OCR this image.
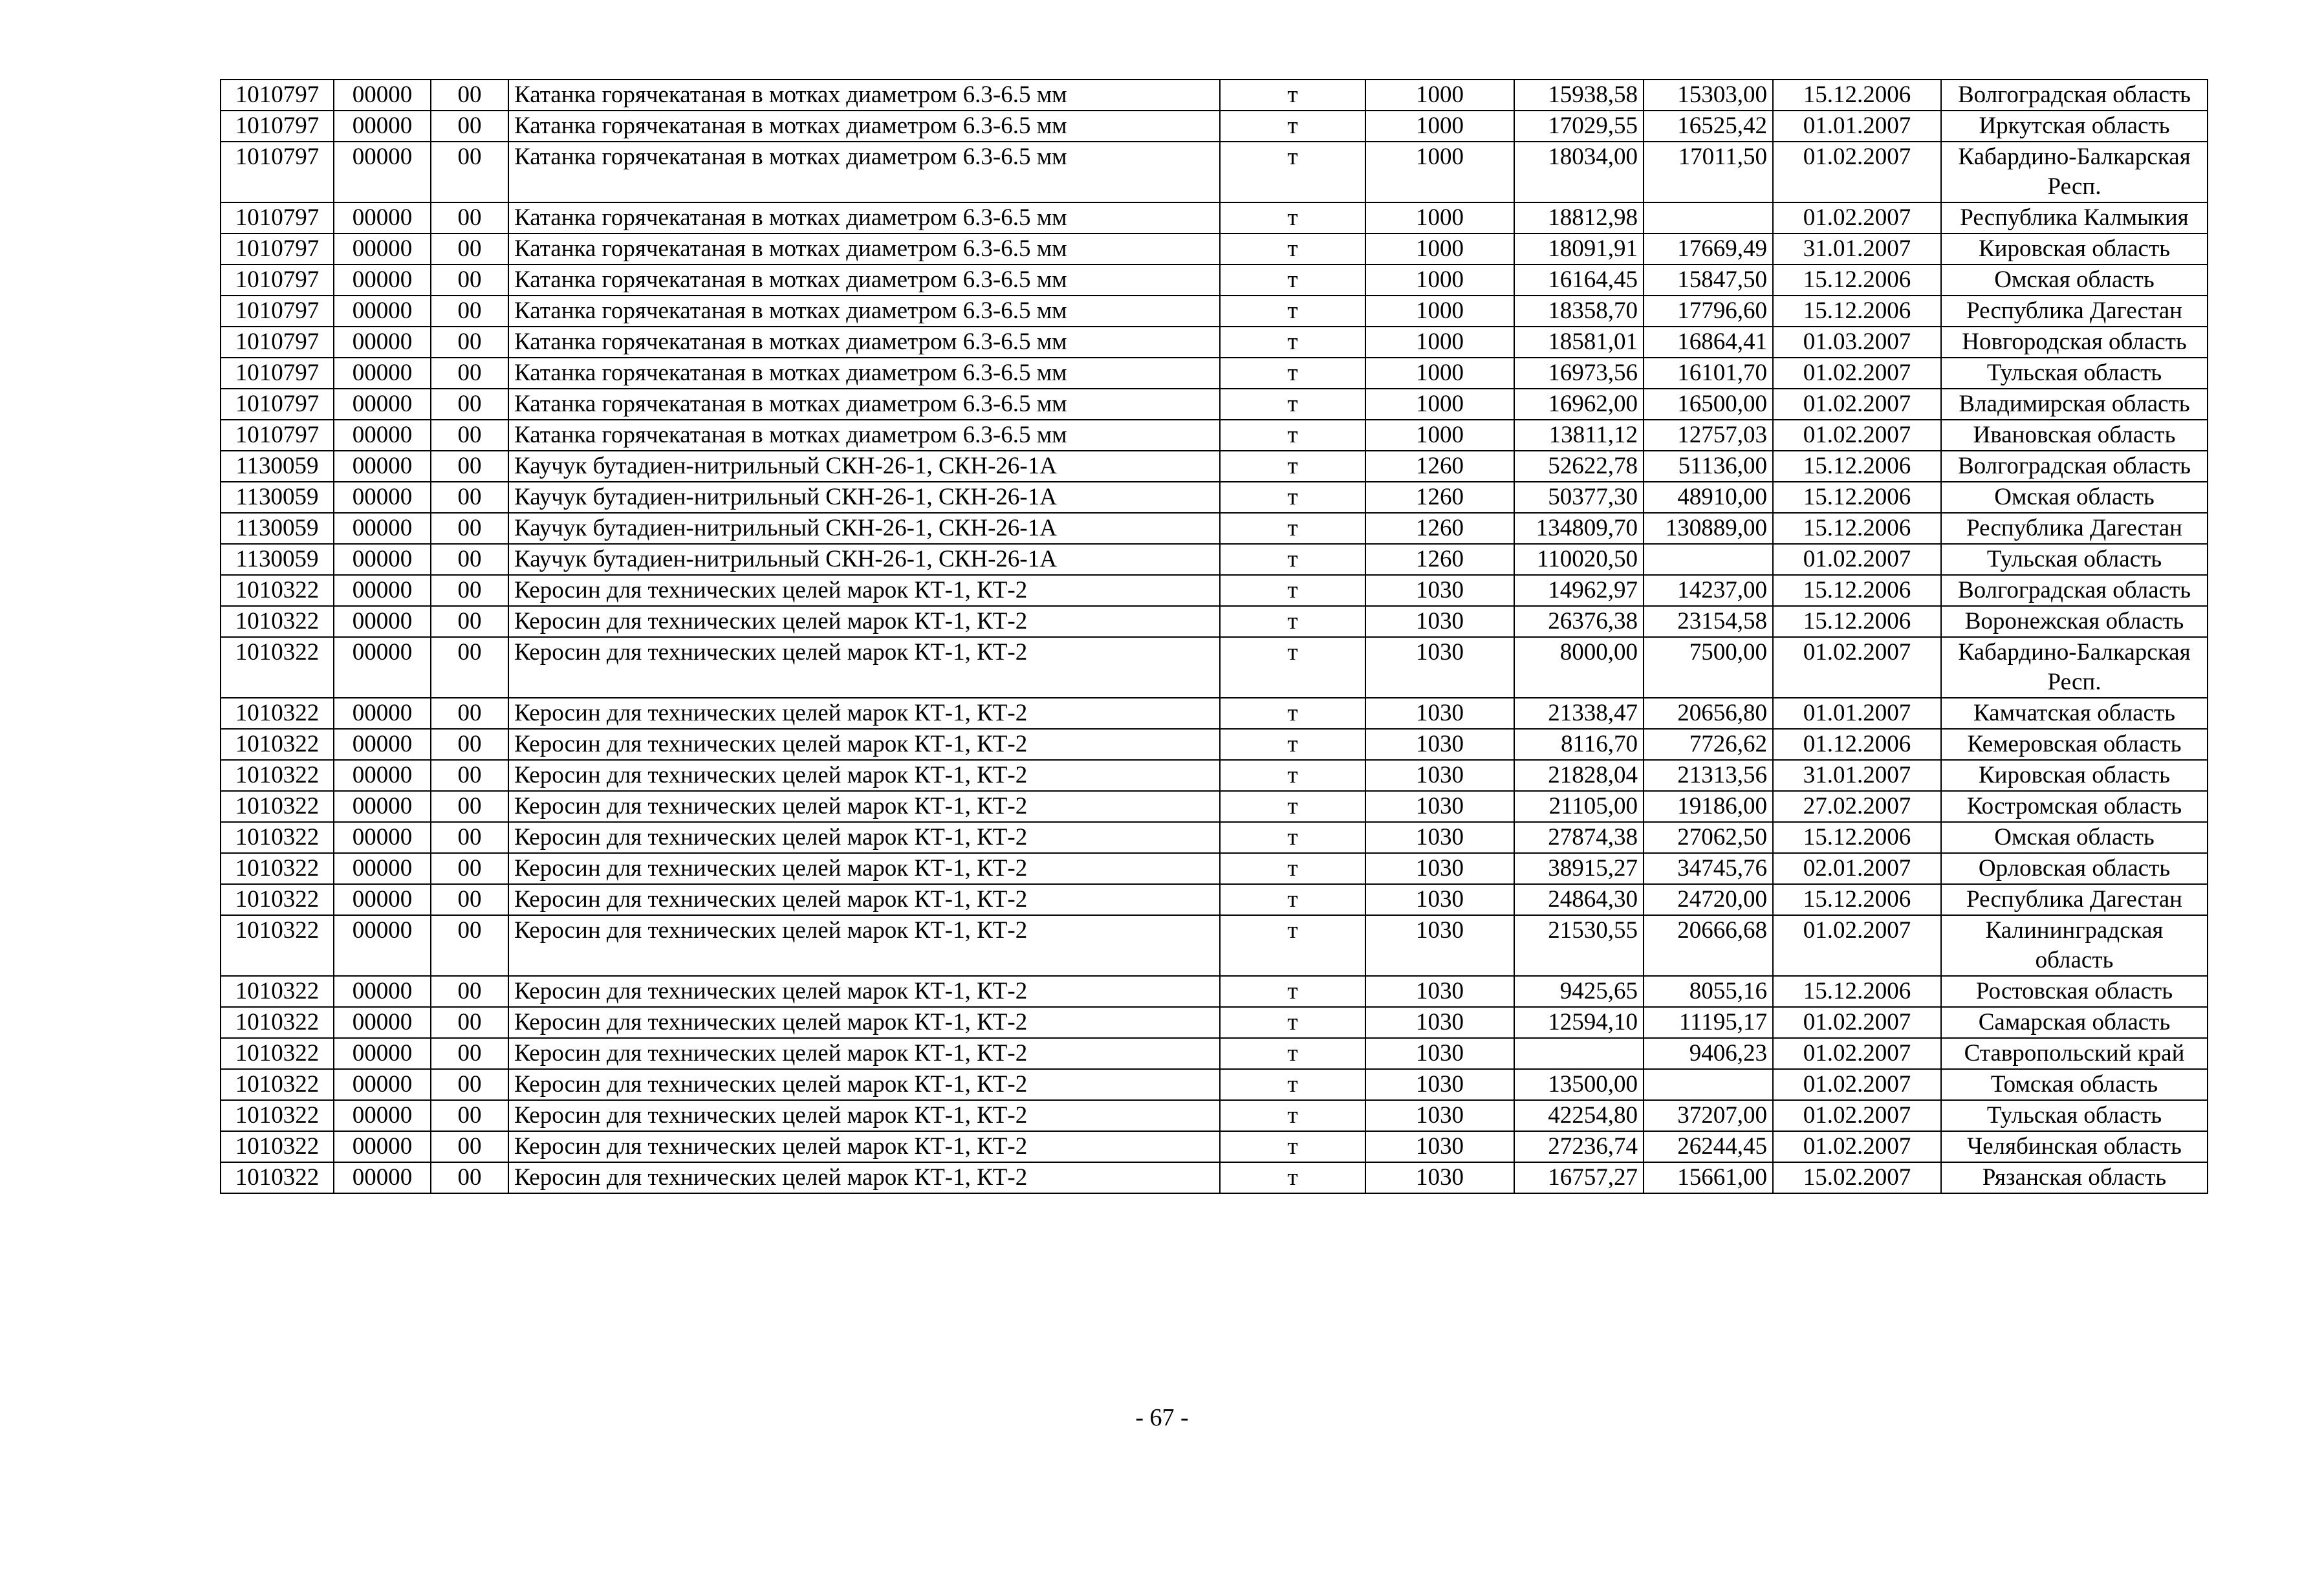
1010797	00000	00	Катанка горячекатаная в мотках диаметром 6.3-6.5 мм	т	1000	15938,58	15303,00	15.12.2006	Волгоградская область
1010797	00000	00	Катанка горячекатаная в мотках диаметром 6.3-6.5 мм	т	1000	17029,55	16525,42	01.01.2007	Иркутская область
1010797	00000	00	Катанка горячекатаная в мотках диаметром 6.3-6.5 мм	т	1000	18034,00	17011,50	01.02.2007	Кабардино-Балкарская Респ.
1010797	00000	00	Катанка горячекатаная в мотках диаметром 6.3-6.5 мм	т	1000	18812,98		01.02.2007	Республика Калмыкия
1010797	00000	00	Катанка горячекатаная в мотках диаметром 6.3-6.5 мм	т	1000	18091,91	17669,49	31.01.2007	Кировская область
1010797	00000	00	Катанка горячекатаная в мотках диаметром 6.3-6.5 мм	т	1000	16164,45	15847,50	15.12.2006	Омская область
1010797	00000	00	Катанка горячекатаная в мотках диаметром 6.3-6.5 мм	т	1000	18358,70	17796,60	15.12.2006	Республика Дагестан
1010797	00000	00	Катанка горячекатаная в мотках диаметром 6.3-6.5 мм	т	1000	18581,01	16864,41	01.03.2007	Новгородская область
1010797	00000	00	Катанка горячекатаная в мотках диаметром 6.3-6.5 мм	т	1000	16973,56	16101,70	01.02.2007	Тульская область
1010797	00000	00	Катанка горячекатаная в мотках диаметром 6.3-6.5 мм	т	1000	16962,00	16500,00	01.02.2007	Владимирская область
1010797	00000	00	Катанка горячекатаная в мотках диаметром 6.3-6.5 мм	т	1000	13811,12	12757,03	01.02.2007	Ивановская область
1130059	00000	00	Каучук бутадиен-нитрильный СКН-26-1, СКН-26-1А	т	1260	52622,78	51136,00	15.12.2006	Волгоградская область
1130059	00000	00	Каучук бутадиен-нитрильный СКН-26-1, СКН-26-1А	т	1260	50377,30	48910,00	15.12.2006	Омская область
1130059	00000	00	Каучук бутадиен-нитрильный СКН-26-1, СКН-26-1А	т	1260	134809,70	130889,00	15.12.2006	Республика Дагестан
1130059	00000	00	Каучук бутадиен-нитрильный СКН-26-1, СКН-26-1А	т	1260	110020,50		01.02.2007	Тульская область
1010322	00000	00	Керосин для технических целей марок КТ-1, КТ-2	т	1030	14962,97	14237,00	15.12.2006	Волгоградская область
1010322	00000	00	Керосин для технических целей марок КТ-1, КТ-2	т	1030	26376,38	23154,58	15.12.2006	Воронежская область
1010322	00000	00	Керосин для технических целей марок КТ-1, КТ-2	т	1030	8000,00	7500,00	01.02.2007	Кабардино-Балкарская Респ.
1010322	00000	00	Керосин для технических целей марок КТ-1, КТ-2	т	1030	21338,47	20656,80	01.01.2007	Камчатская область
1010322	00000	00	Керосин для технических целей марок КТ-1, КТ-2	т	1030	8116,70	7726,62	01.12.2006	Кемеровская область
1010322	00000	00	Керосин для технических целей марок КТ-1, КТ-2	т	1030	21828,04	21313,56	31.01.2007	Кировская область
1010322	00000	00	Керосин для технических целей марок КТ-1, КТ-2	т	1030	21105,00	19186,00	27.02.2007	Костромская область
1010322	00000	00	Керосин для технических целей марок КТ-1, КТ-2	т	1030	27874,38	27062,50	15.12.2006	Омская область
1010322	00000	00	Керосин для технических целей марок КТ-1, КТ-2	т	1030	38915,27	34745,76	02.01.2007	Орловская область
1010322	00000	00	Керосин для технических целей марок КТ-1, КТ-2	т	1030	24864,30	24720,00	15.12.2006	Республика Дагестан
1010322	00000	00	Керосин для технических целей марок КТ-1, КТ-2	т	1030	21530,55	20666,68	01.02.2007	Калининградская область
1010322	00000	00	Керосин для технических целей марок КТ-1, КТ-2	т	1030	9425,65	8055,16	15.12.2006	Ростовская область
1010322	00000	00	Керосин для технических целей марок КТ-1, КТ-2	т	1030	12594,10	11195,17	01.02.2007	Самарская область
1010322	00000	00	Керосин для технических целей марок КТ-1, КТ-2	т	1030		9406,23	01.02.2007	Ставропольский край
1010322	00000	00	Керосин для технических целей марок КТ-1, КТ-2	т	1030	13500,00		01.02.2007	Томская область
1010322	00000	00	Керосин для технических целей марок КТ-1, КТ-2	т	1030	42254,80	37207,00	01.02.2007	Тульская область
1010322	00000	00	Керосин для технических целей марок КТ-1, КТ-2	т	1030	27236,74	26244,45	01.02.2007	Челябинская область
1010322	00000	00	Керосин для технических целей марок КТ-1, КТ-2	т	1030	16757,27	15661,00	15.02.2007	Рязанская область
- 67 -
